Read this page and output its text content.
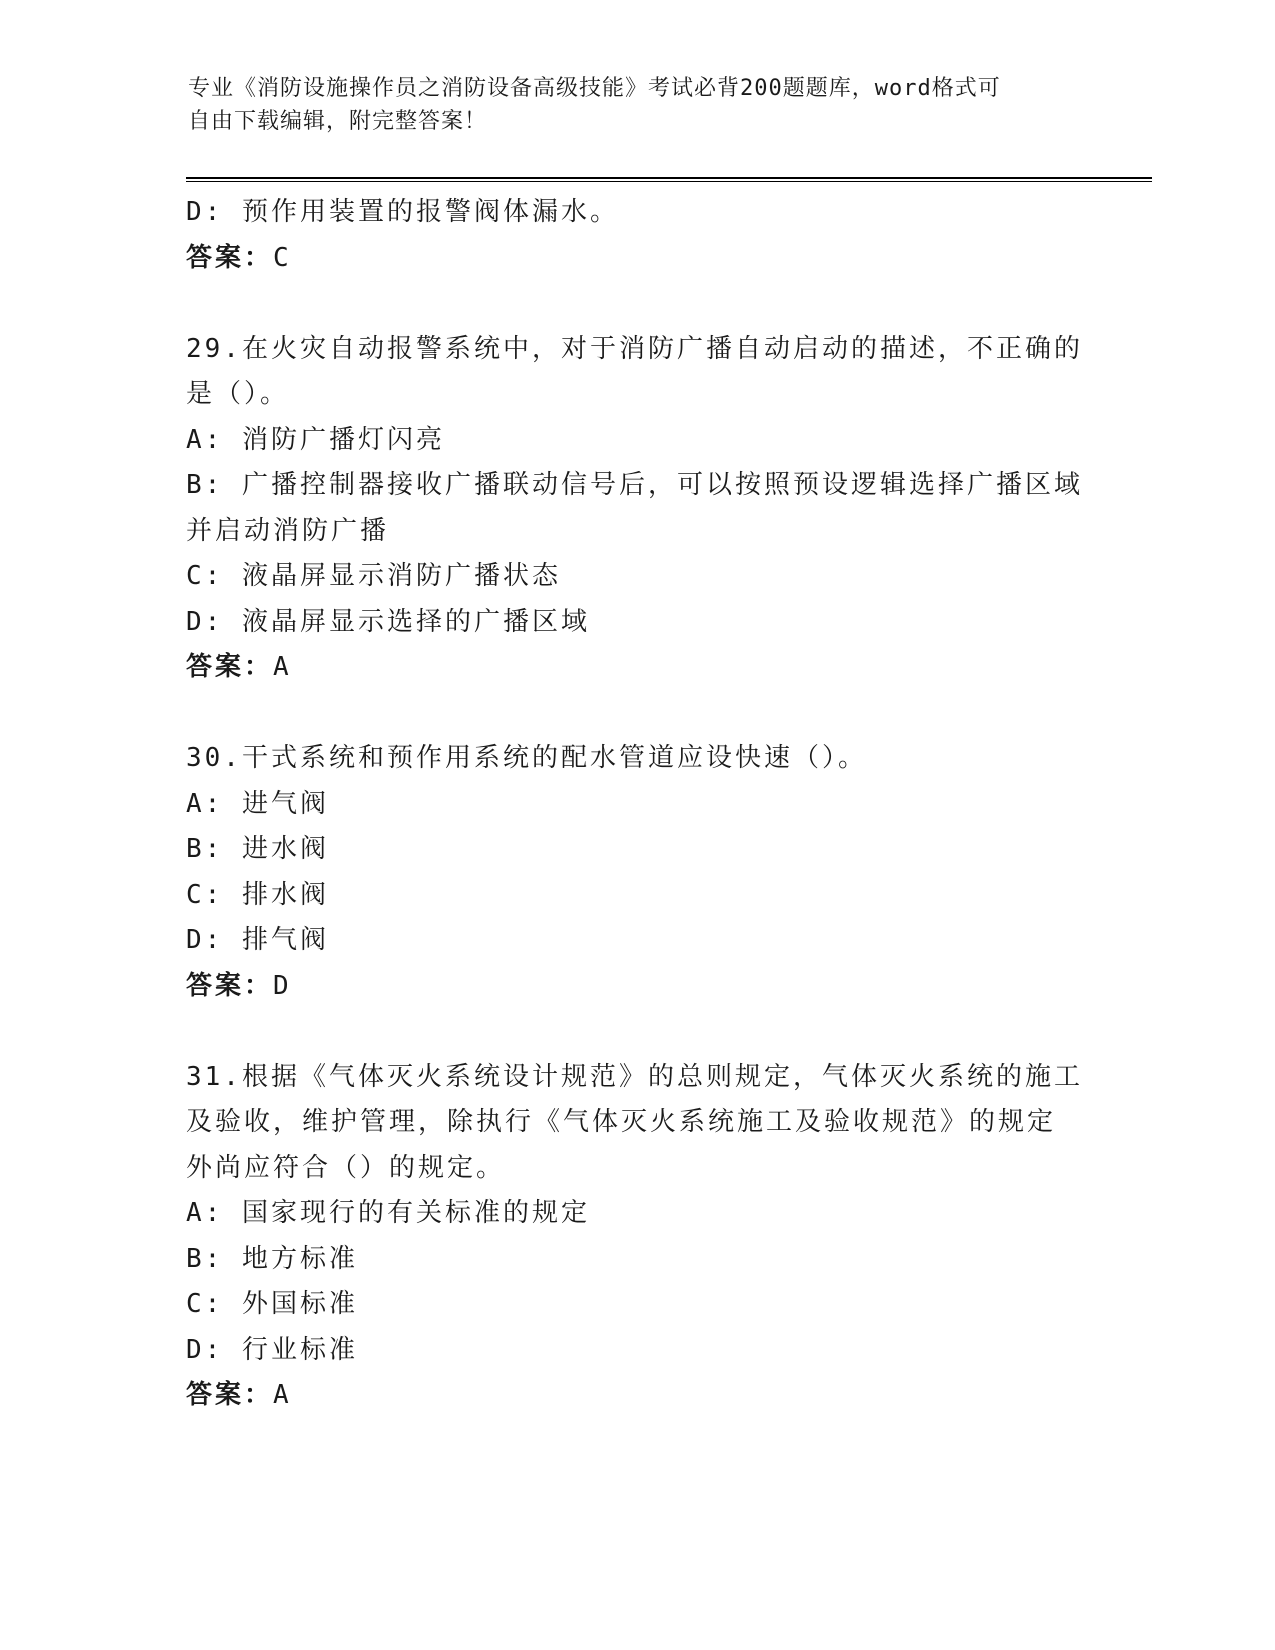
专业《消防设施操作员之消防设备高级技能》考试必背200题题库，word格式可
自由下载编辑，附完整答案！
D: 预作用装置的报警阀体漏水。
答案：C
29.在火灾自动报警系统中，对于消防广播自动启动的描述，不正确的
是（）。
A: 消防广播灯闪亮
B: 广播控制器接收广播联动信号后，可以按照预设逻辑选择广播区域
并启动消防广播
C: 液晶屏显示消防广播状态
D: 液晶屏显示选择的广播区域
答案：A
30.干式系统和预作用系统的配水管道应设快速（）。
A: 进气阀
B: 进水阀
C: 排水阀
D: 排气阀
答案：D
31.根据《气体灭火系统设计规范》的总则规定，气体灭火系统的施工
及验收，维护管理，除执行《气体灭火系统施工及验收规范》的规定
外尚应符合（）的规定。
A: 国家现行的有关标准的规定
B: 地方标准
C: 外国标准
D: 行业标准
答案：A
